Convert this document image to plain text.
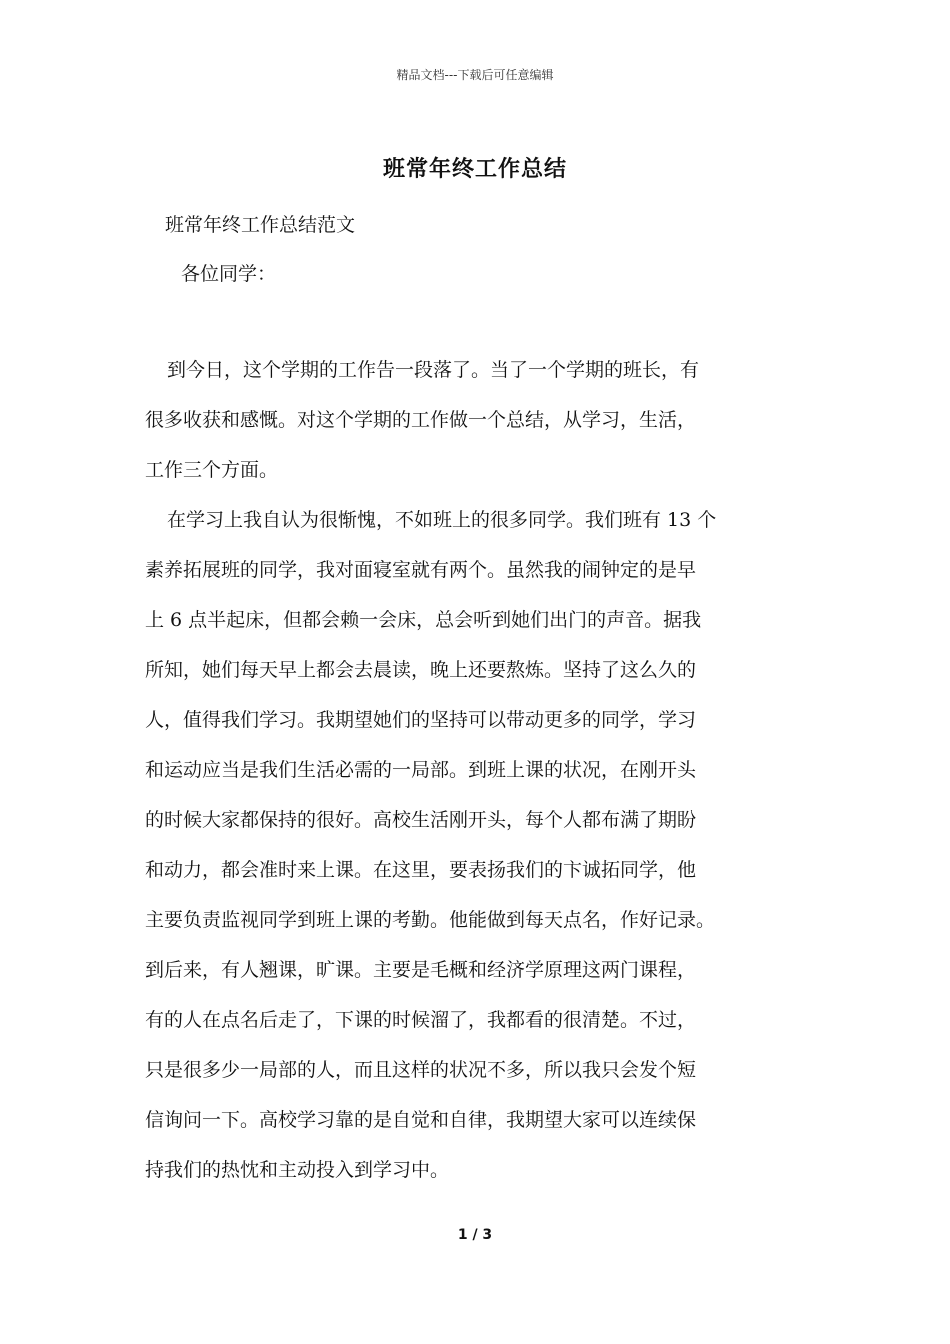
精品文档---下载后可任意编辑
班常年终工作总结
班常年终工作总结范文
各位同学：
到今日，这个学期的工作告一段落了。当了一个学期的班长，有
很多收获和感慨。对这个学期的工作做一个总结，从学习，生活，
工作三个方面。
在学习上我自认为很惭愧，不如班上的很多同学。我们班有 13 个
素养拓展班的同学，我对面寝室就有两个。虽然我的闹钟定的是早
上 6 点半起床，但都会赖一会床，总会听到她们出门的声音。据我
所知，她们每天早上都会去晨读，晚上还要熬炼。坚持了这么久的
人，值得我们学习。我期望她们的坚持可以带动更多的同学，学习
和运动应当是我们生活必需的一局部。到班上课的状况，在刚开头
的时候大家都保持的很好。高校生活刚开头，每个人都布满了期盼
和动力，都会准时来上课。在这里，要表扬我们的卞诚拓同学，他
主要负责监视同学到班上课的考勤。他能做到每天点名，作好记录。
到后来，有人翘课，旷课。主要是毛概和经济学原理这两门课程，
有的人在点名后走了，下课的时候溜了，我都看的很清楚。不过，
只是很多少一局部的人，而且这样的状况不多，所以我只会发个短
信询问一下。高校学习靠的是自觉和自律，我期望大家可以连续保
持我们的热忱和主动投入到学习中。
1 / 3
